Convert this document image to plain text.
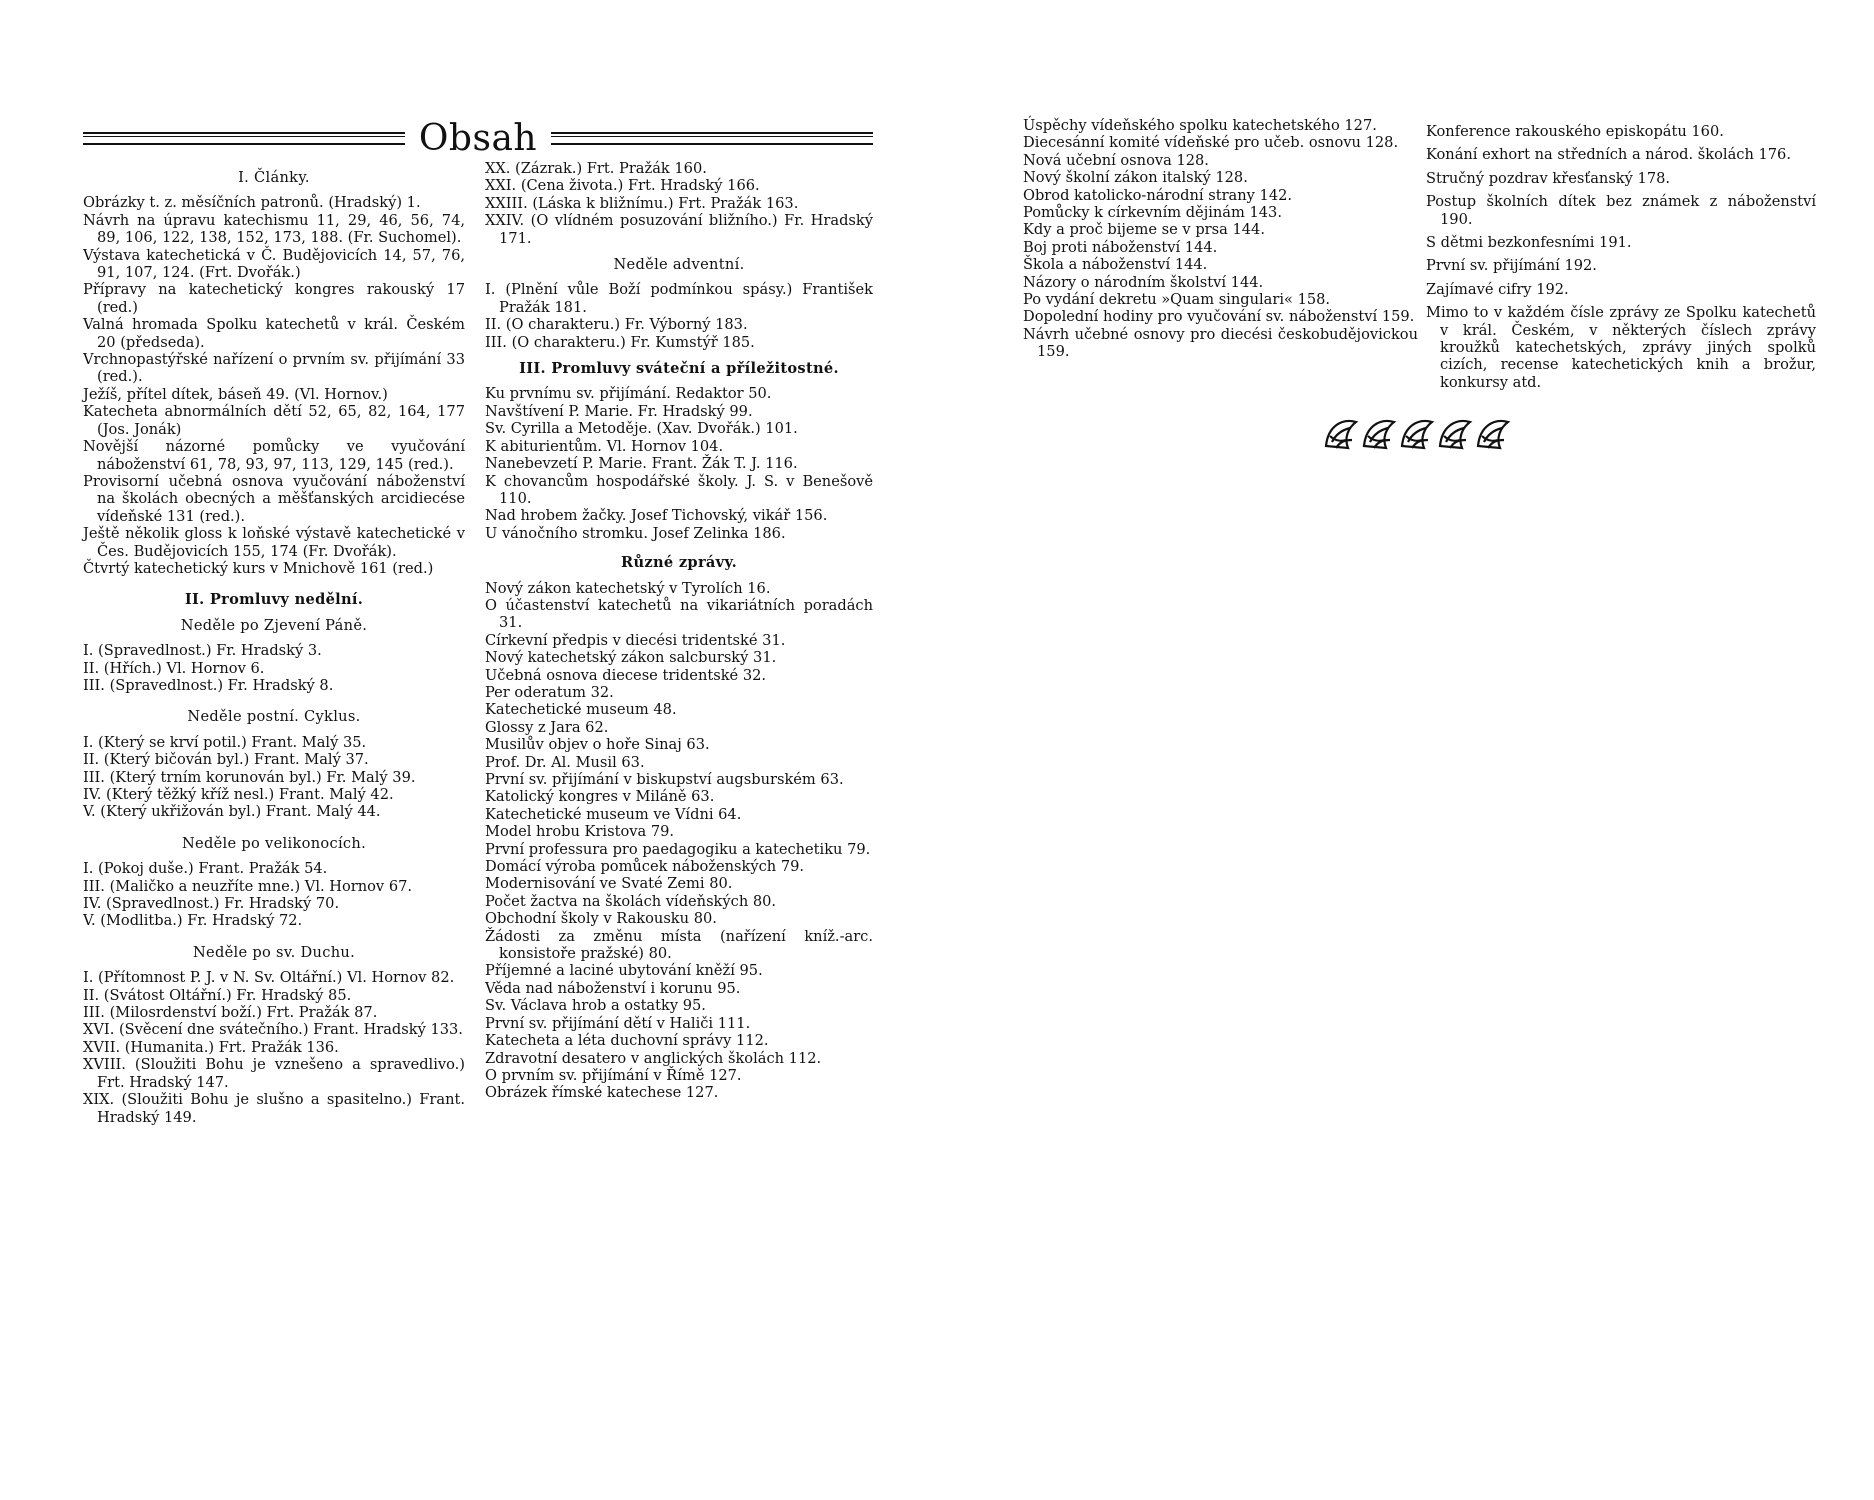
Obsah
I. Články.

Obrázky t. z. měsíčních patronů. (Hradský) 1.

Návrh na úpravu katechismu 11, 29, 46, 56, 74, 89, 106, 122, 138, 152, 173, 188. (Fr. Suchomel).

Výstava katechetická v Č. Budějovicích 14, 57, 76, 91, 107, 124. (Frt. Dvořák.)

Přípravy na katechetický kongres rakouský 17 (red.)

Valná hromada Spolku katechetů v král. Českém 20 (předseda).

Vrchnopastýřské nařízení o prvním sv. přijímání 33 (red.).

Ježíš, přítel dítek, báseň 49. (Vl. Hornov.)

Katecheta abnormálních dětí 52, 65, 82, 164, 177 (Jos. Jonák)

Novější názorné pomůcky ve vyučování náboženství 61, 78, 93, 97, 113, 129, 145 (red.).

Provisorní učebná osnova vyučování náboženství na školách obecných a měšťanských arcidiecése vídeňské 131 (red.).

Ještě několik gloss k loňské výstavě katechetické v Čes. Budějovicích 155, 174 (Fr. Dvořák).

Čtvrtý katechetický kurs v Mnichově 161 (red.)

II. Promluvy nedělní.
Neděle po Zjevení Páně.

I. (Spravedlnost.) Fr. Hradský 3.

II. (Hřích.) Vl. Hornov 6.

III. (Spravedlnost.) Fr. Hradský 8.

Neděle postní. Cyklus.

I. (Který se krví potil.) Frant. Malý 35.

II. (Který bičován byl.) Frant. Malý 37.

III. (Který trním korunován byl.) Fr. Malý 39.

IV. (Který těžký kříž nesl.) Frant. Malý 42.

V. (Který ukřižován byl.) Frant. Malý 44.

Neděle po velikonocích.

I. (Pokoj duše.) Frant. Pražák 54.

III. (Maličko a neuzříte mne.) Vl. Hornov 67.

IV. (Spravedlnost.) Fr. Hradský 70.

V. (Modlitba.) Fr. Hradský 72.

Neděle po sv. Duchu.

I. (Přítomnost P. J. v N. Sv. Oltářní.) Vl. Hornov 82.

II. (Svátost Oltářní.) Fr. Hradský 85.

III. (Milosrdenství boží.) Frt. Pražák 87.

XVI. (Svěcení dne svátečního.) Frant. Hradský 133.

XVII. (Humanita.) Frt. Pražák 136.

XVIII. (Sloužiti Bohu je vznešeno a spravedlivo.) Frt. Hradský 147.

XIX. (Sloužiti Bohu je slušno a spasitelno.) Frant. Hradský 149.

XX. (Zázrak.) Frt. Pražák 160.

XXI. (Cena života.) Frt. Hradský 166.

XXIII. (Láska k bližnímu.) Frt. Pražák 163.

XXIV. (O vlídném posuzování bližního.) Fr. Hradský 171.

Neděle adventní.

I. (Plnění vůle Boží podmínkou spásy.) František Pražák 181.

II. (O charakteru.) Fr. Výborný 183.

III. (O charakteru.) Fr. Kumstýř 185.

III. Promluvy sváteční a příležitostné.

Ku prvnímu sv. přijímání. Redaktor 50.

Navštívení P. Marie. Fr. Hradský 99.

Sv. Cyrilla a Metoděje. (Xav. Dvořák.) 101.

K abiturientům. Vl. Hornov 104.

Nanebevzetí P. Marie. Frant. Žák T. J. 116.

K chovancům hospodářské školy. J. S. v Benešově 110.

Nad hrobem žačky. Josef Tichovský, vikář 156.

U vánočního stromku. Josef Zelinka 186.

Různé zprávy.

Nový zákon katechetský v Tyrolích 16.

O účastenství katechetů na vikariátních poradách 31.

Církevní předpis v diecési tridentské 31.

Nový katechetský zákon salcburský 31.

Učebná osnova diecese tridentské 32.

Per oderatum 32.

Katechetické museum 48.

Glossy z Jara 62.

Musilův objev o hoře Sinaj 63.

Prof. Dr. Al. Musil 63.

První sv. přijímání v biskupství augsburském 63.

Katolický kongres v Miláně 63.

Katechetické museum ve Vídni 64.

Model hrobu Kristova 79.

První professura pro paedagogiku a katechetiku 79.

Domácí výroba pomůcek náboženských 79.

Modernisování ve Svaté Zemi 80.

Počet žactva na školách vídeňských 80.

Obchodní školy v Rakousku 80.

Žádosti za změnu místa (nařízení kníž.-arc. konsistoře pražské) 80.

Příjemné a laciné ubytování kněží 95.

Věda nad náboženství i korunu 95.

Sv. Václava hrob a ostatky 95.

První sv. přijímání dětí v Haliči 111.

Katecheta a léta duchovní správy 112.

Zdravotní desatero v anglických školách 112.

O prvním sv. přijímání v Římě 127.

Obrázek římské katechese 127.

Úspěchy vídeňského spolku katechetského 127.

Diecesánní komité vídeňské pro učeb. osnovu 128.

Nová učební osnova 128.

Nový školní zákon italský 128.

Obrod katolicko-národní strany 142.

Pomůcky k církevním dějinám 143.

Kdy a proč bijeme se v prsa 144.

Boj proti náboženství 144.

Škola a náboženství 144.

Názory o národním školství 144.

Po vydání dekretu »Quam singulari« 158.

Dopolední hodiny pro vyučování sv. náboženství 159.

Návrh učebné osnovy pro diecési českobudějovickou 159.

Konference rakouského episkopátu 160.

Konání exhort na středních a národ. školách 176.

Stručný pozdrav křesťanský 178.

Postup školních dítek bez známek z náboženství 190.

S dětmi bezkonfesními 191.

První sv. přijímání 192.

Zajímavé cifry 192.

Mimo to v každém čísle zprávy ze Spolku katechetů v král. Českém, v některých číslech zprávy kroužků katechetských, zprávy jiných spolků cizích, recense katechetických knih a brožur, konkursy atd.
